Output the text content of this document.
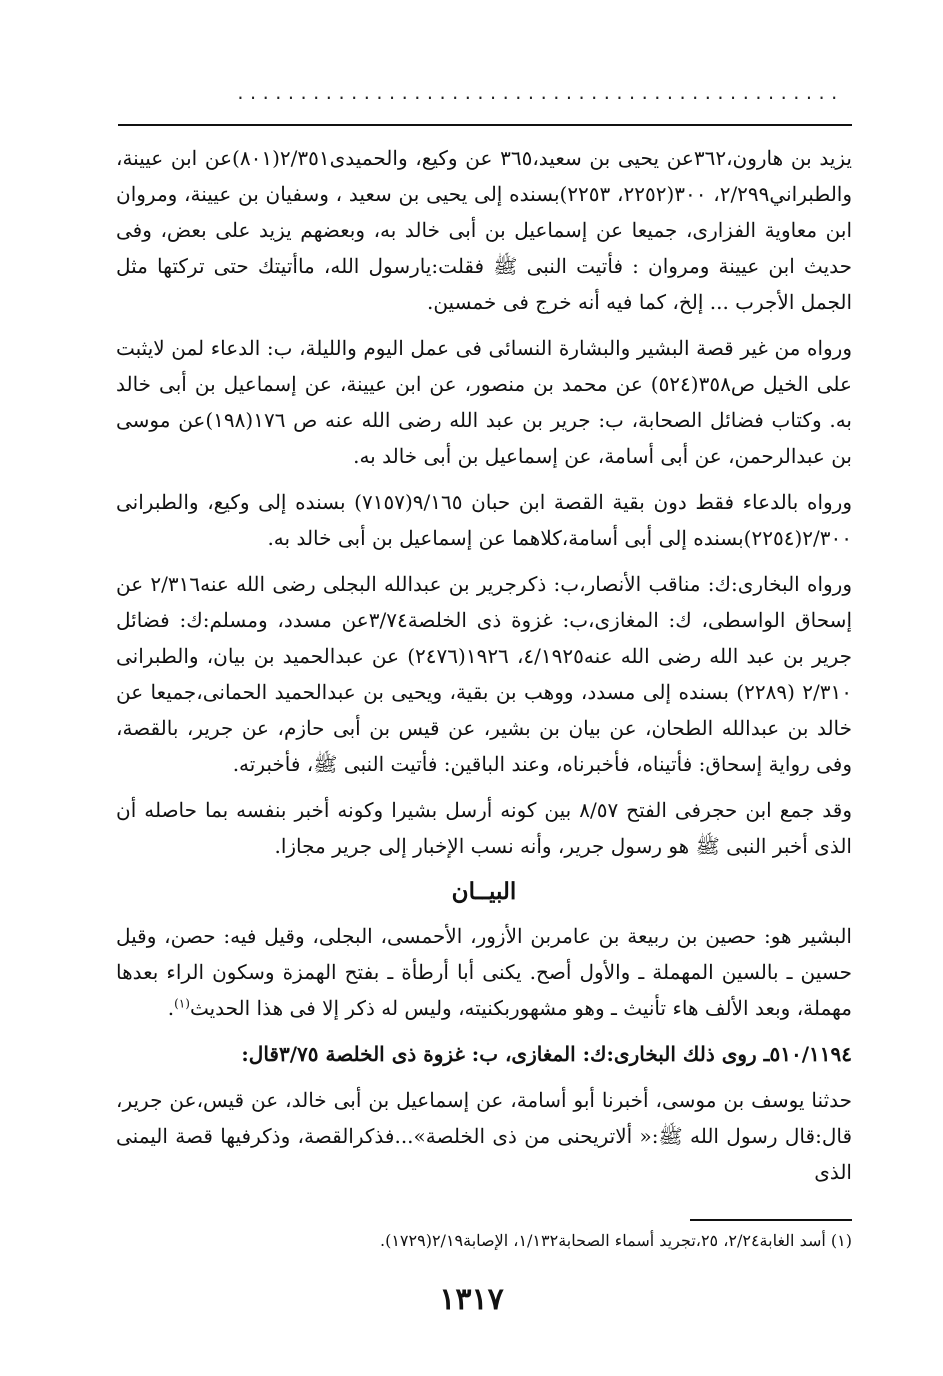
................................................

يزيد بن هارون،٣٦٢عن يحيى بن سعيد،٣٦٥ عن وكيع، والحميدى٢/٣٥١(٨٠١)عن ابن عيينة، والطبراني٢/٢٩٩، ٣٠٠(٢٢٥٢، ٢٢٥٣)بسنده إلى يحيى بن سعيد ، وسفيان بن عيينة، ومروان ابن معاوية الفزارى، جميعا عن إسماعيل بن أبى خالد به، وبعضهم يزيد على بعض، وفى حديث ابن عيينة ومروان : فأتيت النبى ﷺ فقلت:يارسول الله، ماأتيتك حتى تركتها مثل الجمل الأجرب ... إلخ، كما فيه أنه خرج فى خمسين.

ورواه من غير قصة البشير والبشارة النسائى فى عمل اليوم والليلة، ب: الدعاء لمن لايثبت على الخيل ص٣٥٨(٥٢٤) عن محمد بن منصور، عن ابن عيينة، عن إسماعيل بن أبى خالد به. وكتاب فضائل الصحابة، ب: جرير بن عبد الله رضى الله عنه ص ١٧٦(١٩٨)عن موسى بن عبدالرحمن، عن أبى أسامة، عن إسماعيل بن أبى خالد به.

ورواه بالدعاء فقط دون بقية القصة ابن حبان ٩/١٦٥(٧١٥٧) بسنده إلى وكيع، والطبرانى ٢/٣٠٠(٢٢٥٤)بسنده إلى أبى أسامة،كلاهما عن إسماعيل بن أبى خالد به.

ورواه البخارى:ك: مناقب الأنصار،ب: ذكرجرير بن عبدالله البجلى رضى الله عنه٢/٣١٦ عن إسحاق الواسطى، ك: المغازى،ب: غزوة ذى الخلصة٣/٧٤عن مسدد، ومسلم:ك: فضائل جرير بن عبد الله رضى الله عنه٤/١٩٢٥، ١٩٢٦(٢٤٧٦) عن عبدالحميد بن بيان، والطبرانى ٢/٣١٠ (٢٢٨٩) بسنده إلى مسدد، ووهب بن بقية، ويحيى بن عبدالحميد الحمانى،جميعا عن خالد بن عبدالله الطحان، عن بيان بن بشير، عن قيس بن أبى حازم، عن جرير، بالقصة، وفى رواية إسحاق: فأتيناه، فأخبرناه، وعند الباقين: فأتيت النبى ﷺ، فأخبرته.

وقد جمع ابن حجرفى الفتح ٨/٥٧ بين كونه أرسل بشيرا وكونه أخبر بنفسه بما حاصله أن الذى أخبر النبى ﷺ هو رسول جرير، وأنه نسب الإخبار إلى جرير مجازا.

البيــان

البشير هو: حصين بن ربيعة بن عامربن الأزور، الأحمسى، البجلى، وقيل فيه: حصن، وقيل حسين ـ بالسين المهملة ـ والأول أصح. يكنى أبا أرطأة ـ بفتح الهمزة وسكون الراء بعدها مهملة، وبعد الألف هاء تأنيث ـ وهو مشهوربكنيته، وليس له ذكر إلا فى هذا الحديث$^{(١)}$.

٥١٠/١١٩٤ـ روى ذلك البخارى:ك: المغازى، ب: غزوة ذى الخلصة ٣/٧٥قال:

حدثنا يوسف بن موسى، أخبرنا أبو أسامة، عن إسماعيل بن أبى خالد، عن قيس،عن جرير، قال:قال رسول الله ﷺ:« ألاتريحنى من ذى الخلصة»...فذكرالقصة، وذكرفيها قصة اليمنى الذى

(١) أسد الغابة٢/٢٤، ٢٥،تجريد أسماء الصحابة١/١٣٢، الإصابة٢/١٩(١٧٢٩).
١٣١٧
